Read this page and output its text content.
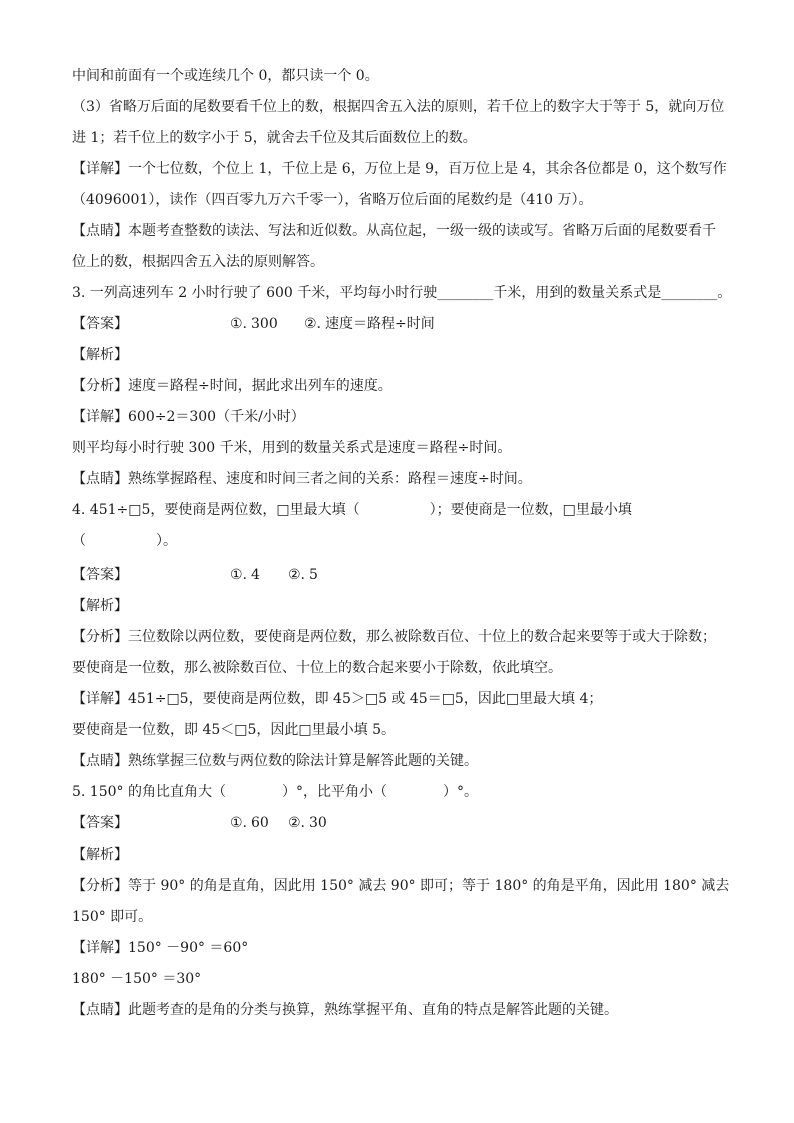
中间和前面有一个或连续几个 0，都只读一个 0。
（3）省略万后面的尾数要看千位上的数，根据四舍五入法的原则，若千位上的数字大于等于 5，就向万位
进 1；若千位上的数字小于 5，就舍去千位及其后面数位上的数。
【详解】一个七位数，个位上 1，千位上是 6，万位上是 9，百万位上是 4，其余各位都是 0，这个数写作
（4096001），读作（四百零九万六千零一），省略万位后面的尾数约是（410 万）。
【点睛】本题考查整数的读法、写法和近似数。从高位起，一级一级的读或写。省略万后面的尾数要看千
位上的数，根据四舍五入法的原则解答。
3. 一列高速列车 2 小时行驶了 600 千米，平均每小时行驶________千米，用到的数量关系式是________。
【答案】	①. 300 ②. 速度＝路程÷时间
【解析】
【分析】速度＝路程÷时间，据此求出列车的速度。
【详解】600÷2＝300（千米/小时）
则平均每小时行驶 300 千米，用到的数量关系式是速度＝路程÷时间。
【点睛】熟练掌握路程、速度和时间三者之间的关系：路程＝速度÷时间。
4. 451÷□5，要使商是两位数，□里最大填（　　　　　）；要使商是一位数，□里最小填
（　　　　　）。
【答案】	①. 4 ②. 5
【解析】
【分析】三位数除以两位数，要使商是两位数，那么被除数百位、十位上的数合起来要等于或大于除数；
要使商是一位数，那么被除数百位、十位上的数合起来要小于除数，依此填空。
【详解】451÷□5，要使商是两位数，即 45＞□5 或 45＝□5，因此□里最大填 4；
要使商是一位数，即 45＜□5，因此□里最小填 5。
【点睛】熟练掌握三位数与两位数的除法计算是解答此题的关键。
5. 150° 的角比直角大（　　　　）°，比平角小（　　　　）°。
【答案】	①. 60 ②. 30
【解析】
【分析】等于 90° 的角是直角，因此用 150° 减去 90° 即可；等于 180° 的角是平角，因此用 180° 减去
150° 即可。
【详解】150° －90° ＝60°
180° －150° ＝30°
【点睛】此题考查的是角的分类与换算，熟练掌握平角、直角的特点是解答此题的关键。
